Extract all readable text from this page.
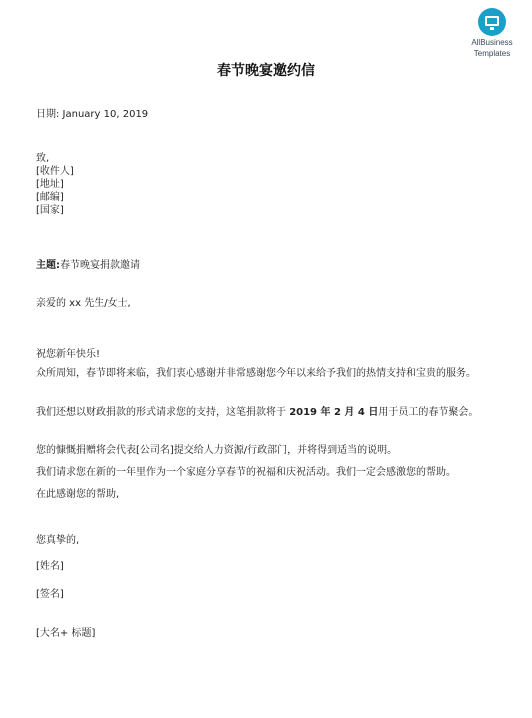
AllBusiness
Templates
春节晚宴邀约信
日期: January 10, 2019
致,
[收件人]
[地址]
[邮编]
[国家]
主题:春节晚宴捐款邀请
亲爱的 xx 先生/女士,
祝您新年快乐!
众所周知，春节即将来临，我们衷心感谢并非常感谢您今年以来给予我们的热情支持和宝贵的服务。
我们还想以财政捐款的形式请求您的支持，这笔捐款将于 2019 年 2 月 4 日用于员工的春节聚会。
您的慷慨捐赠将会代表[公司名]提交给人力资源/行政部门，并将得到适当的说明。
我们请求您在新的一年里作为一个家庭分享春节的祝福和庆祝活动。我们一定会感激您的帮助。
在此感谢您的帮助,
您真挚的,
[姓名]
[签名]
[大名+ 标题]
